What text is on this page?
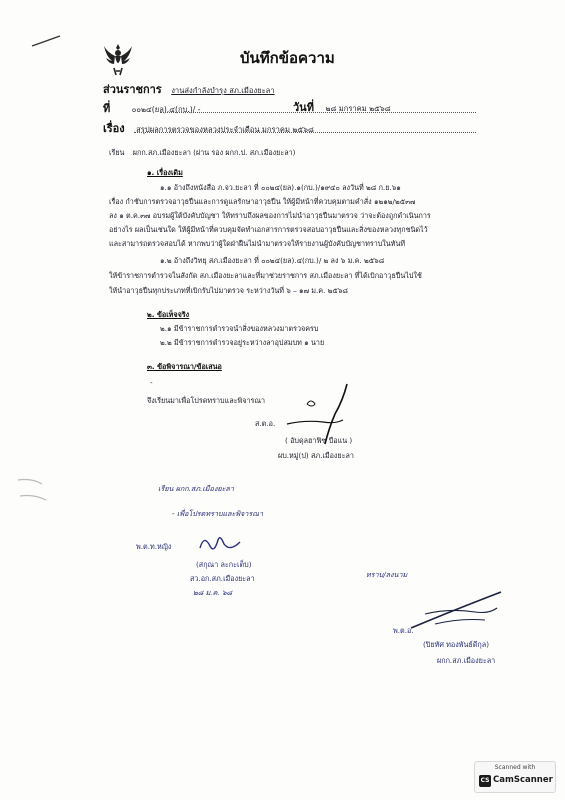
บันทึกข้อความ
ส่วนราชการ งานส่งกำลังบำรุง สภ.เมืองยะลา
ที่	๐๐๒๔(ยล).๔(กบ.)/ -	วันที่ ๒๘ มกราคม ๒๕๖๘
เรื่อง สรุปผลการตรวจของหลวงประจำเดือน มกราคม ๒๕๖๘
เรียน ผกก.สภ.เมืองยะลา (ผ่าน รอง ผกก.ป. สภ.เมืองยะลา)
๑. เรื่องเดิม
๑.๑ อ้างถึงหนังสือ ภ.จว.ยะลา ที่ ๐๐๒๔(ยล).๑(กบ.)/๑๙๔๐ ลงวันที่ ๒๘ ก.ย.๖๑
เรื่อง กำชับการตรวจอาวุธปืนและการดูแลรักษาอาวุธปืน ให้ผู้มีหน้าที่ควบคุมตามคำสั่ง ๑๒๑๒/๒๕๓๗
ลง ๑ ต.ค.๓๗ อบรมผู้ใต้บังคับบัญชา ให้ทราบถึงผลของการไม่นำอาวุธปืนมาตรวจ ว่าจะต้องถูกดำเนินการ
อย่างไร ผลเป็นเช่นใด ให้ผู้มีหน้าที่ควบคุมจัดทำเอกสารการตรวจสอบอาวุธปืนและสิ่งของหลวงทุกชนิดไว้
และสามารถตรวจสอบได้ หากพบว่าผู้ใดฝ่าฝืนไม่นำมาตรวจให้รายงานผู้บังคับบัญชาทราบในทันที
๑.๒ อ้างถึงวิทยุ สภ.เมืองยะลา ที่ ๐๐๒๔(ยล).๔(กบ.)/ ๒ ลง ๖ ม.ค. ๒๕๖๘
ให้ข้าราชการตำรวจในสังกัด สภ.เมืองยะลาและที่มาช่วยราชการ สภ.เมืองยะลา ที่ได้เบิกอาวุธปืนไปใช้
ให้นำอาวุธปืนทุกประเภทที่เบิกรับไปมาตรวจ ระหว่างวันที่ ๖ – ๑๗ ม.ค. ๒๕๖๘
๒. ข้อเท็จจริง
๒.๑ มีข้าราชการตำรวจนำสิ่งของหลวงมาตรวจครบ
๒.๒ มีข้าราชการตำรวจอยู่ระหว่างลาอุปสมบท ๑ นาย
๓. ข้อพิจารณา/ข้อเสนอ
-
จึงเรียนมาเพื่อโปรดทราบและพิจารณา
ส.ต.อ.
( อับดุลฮาฟิซ บือแน )
ผบ.หมู่(ป) สภ.เมืองยะลา
เรียน ผกก.สภ.เมืองยะลา
- เพื่อโปรดทราบและพิจารณา
พ.ต.ท.หญิง
(สกุณา ละกะเต็บ)
สว.อก.สภ.เมืองยะลา
๒๘ ม.ค. ๖๘
ทราบ/ลงนาม
พ.ต.อ.
(ปิยทัศ ทองพันธ์ดีกุล)
ผกก.สภ.เมืองยะลา
Scanned with
CS CamScanner
